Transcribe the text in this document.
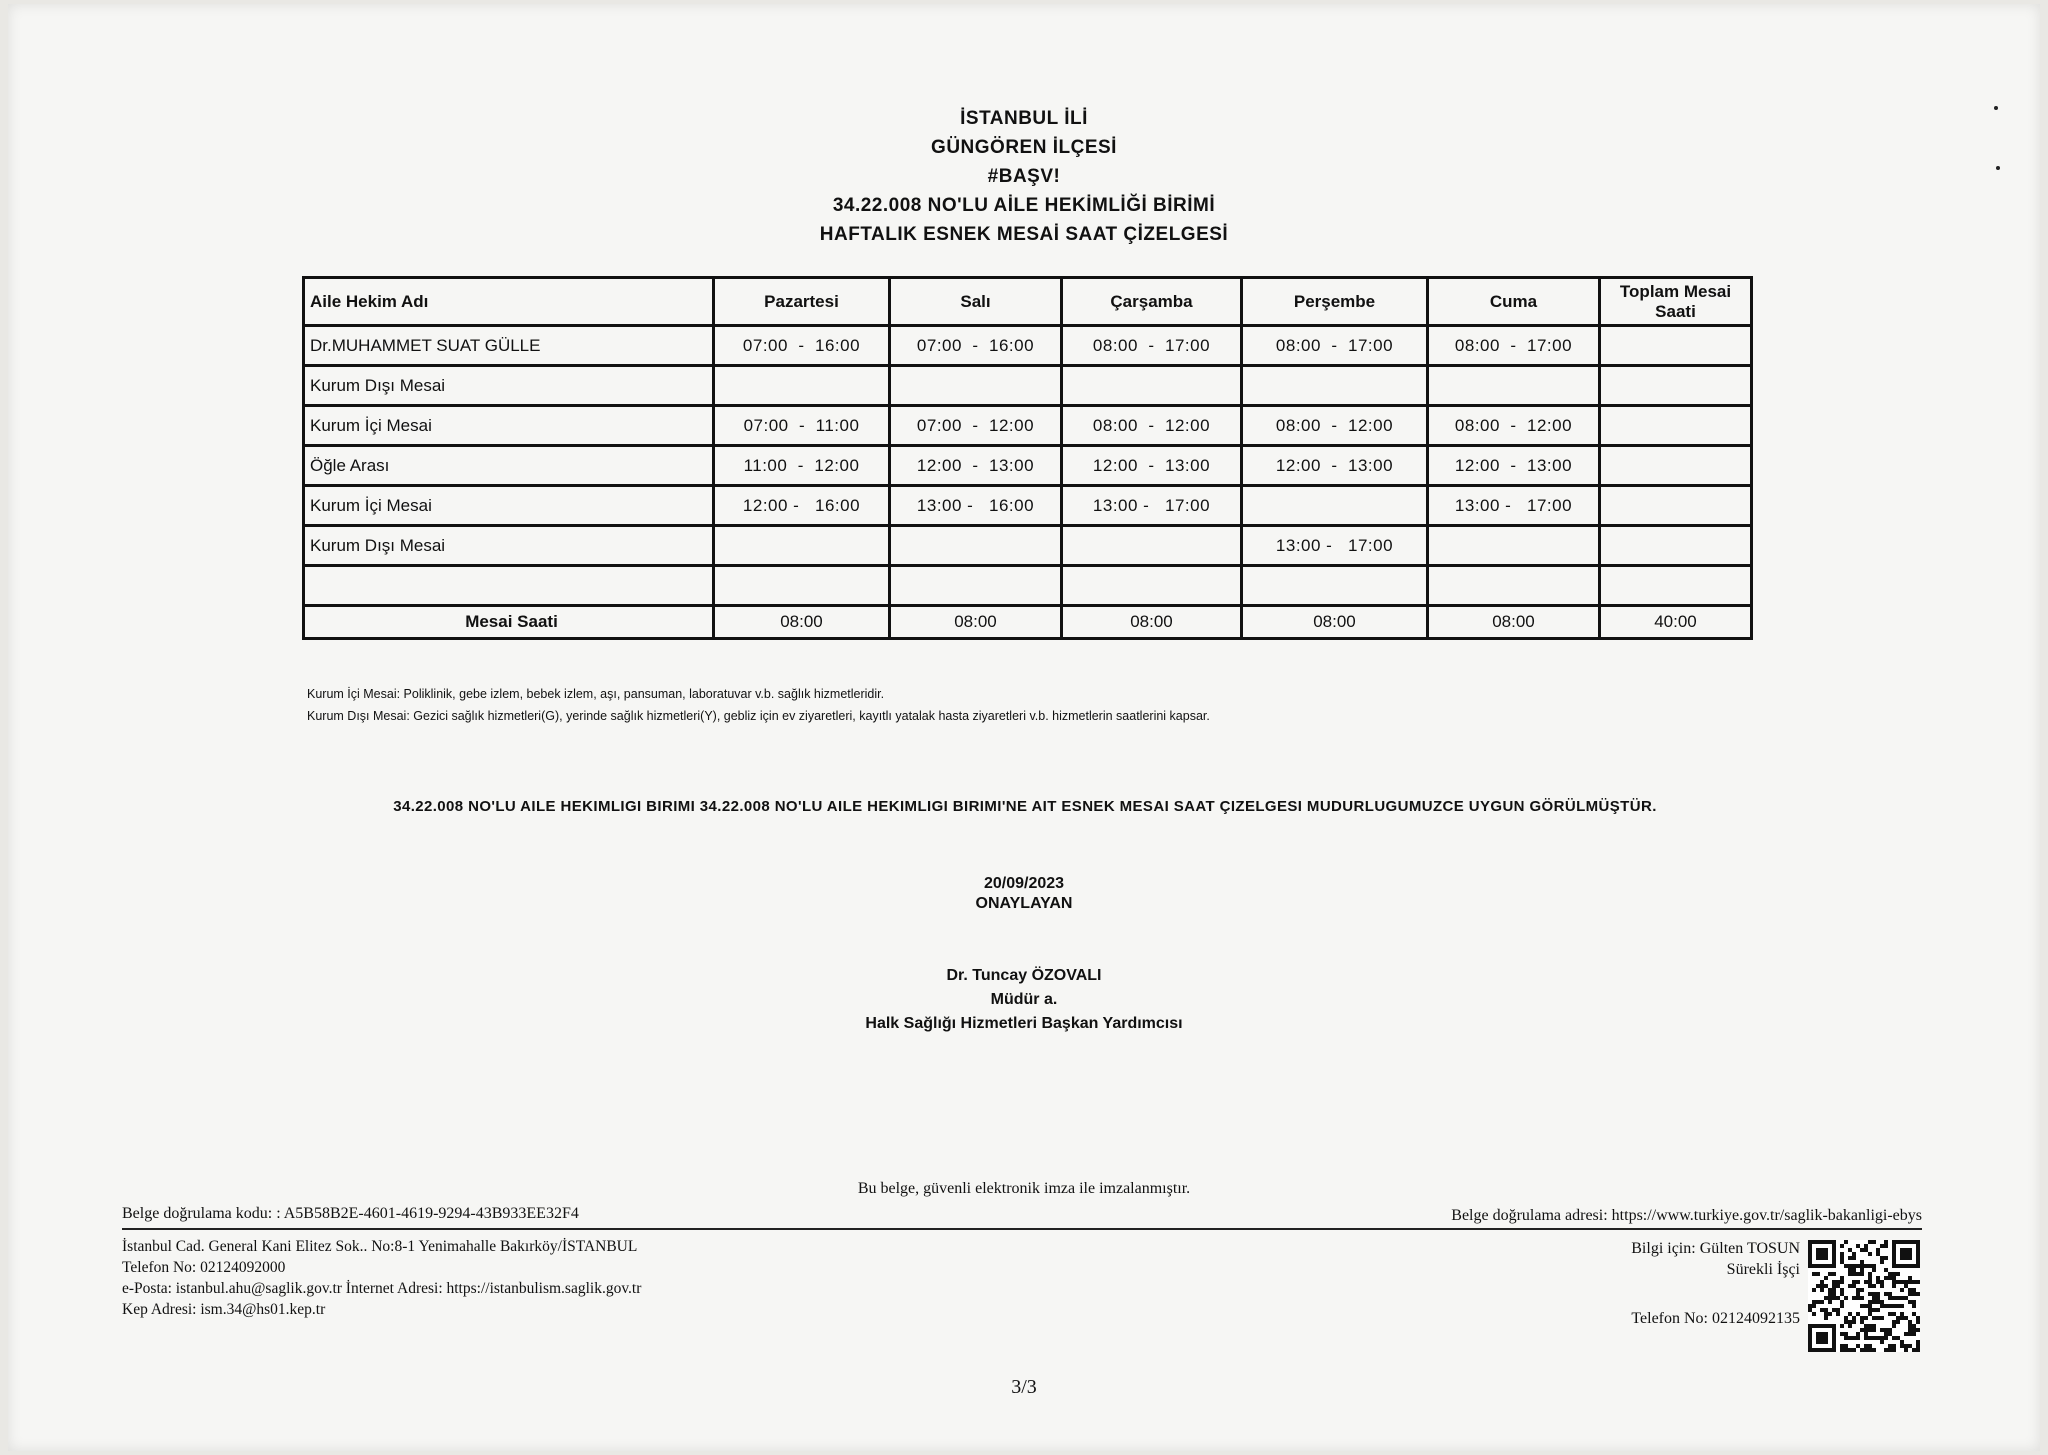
İSTANBUL İLİ
GÜNGÖREN İLÇESİ
#BAŞV!
34.22.008 NO'LU AİLE HEKİMLİĞİ BİRİMİ
HAFTALIK ESNEK MESAİ SAAT ÇİZELGESİ
Aile Hekim Adı	Pazartesi	Salı	Çarşamba	Perşembe	Cuma	Toplam Mesai Saati
Dr.MUHAMMET SUAT GÜLLE	07:00  -  16:00	07:00  -  16:00	08:00  -  17:00	08:00  -  17:00	08:00  -  17:00	
Kurum Dışı Mesai						
Kurum İçi Mesai	07:00  -  11:00	07:00  -  12:00	08:00  -  12:00	08:00  -  12:00	08:00  -  12:00	
Öğle Arası	11:00  -  12:00	12:00  -  13:00	12:00  -  13:00	12:00  -  13:00	12:00  -  13:00	
Kurum İçi Mesai	12:00 -   16:00	13:00 -   16:00	13:00 -   17:00		13:00 -   17:00	
Kurum Dışı Mesai				13:00 -   17:00		

Mesai Saati	08:00	08:00	08:00	08:00	08:00	40:00
Kurum İçi Mesai: Poliklinik, gebe izlem, bebek izlem, aşı, pansuman, laboratuvar v.b. sağlık hizmetleridir.
Kurum Dışı Mesai: Gezici sağlık hizmetleri(G), yerinde sağlık hizmetleri(Y), gebliz için ev ziyaretleri, kayıtlı yatalak hasta ziyaretleri v.b. hizmetlerin saatlerini kapsar.
34.22.008 NO'LU AILE HEKIMLIGI BIRIMI 34.22.008 NO'LU AILE HEKIMLIGI BIRIMI'NE AIT ESNEK MESAI SAAT ÇIZELGESI MUDURLUGUMUZCE UYGUN GÖRÜLMÜŞTÜR.
20/09/2023
ONAYLAYAN
Dr. Tuncay ÖZOVALI
Müdür a.
Halk Sağlığı Hizmetleri Başkan Yardımcısı
Bu belge, güvenli elektronik imza ile imzalanmıştır.
Belge doğrulama kodu: : A5B58B2E-4601-4619-9294-43B933EE32F4	Belge doğrulama adresi: https://www.turkiye.gov.tr/saglik-bakanligi-ebys
İstanbul Cad. General Kani Elitez Sok.. No:8-1 Yenimahalle Bakırköy/İSTANBUL
Telefon No: 02124092000
e-Posta: istanbul.ahu@saglik.gov.tr İnternet Adresi: https://istanbulism.saglik.gov.tr
Kep Adresi: ism.34@hs01.kep.tr
Bilgi için: Gülten TOSUN
Sürekli İşçi
Telefon No: 02124092135
3/3
